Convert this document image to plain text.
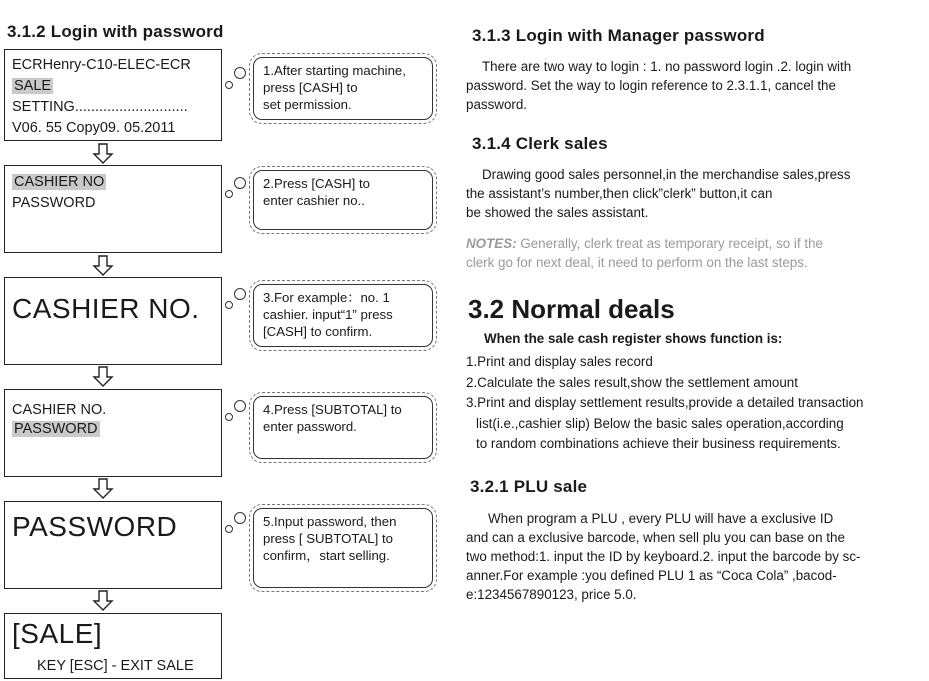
3.1.2 Login with password
ECRHenry-C10-ELEC-ECR
SALE
SETTING............................
V06. 55 Copy09. 05.2011
CASHIER NO
PASSWORD
CASHIER NO.
CASHIER NO.
PASSWORD
PASSWORD
[SALE]
KEY [ESC] - EXIT SALE
1.After starting machine,
press [CASH] to
set permission.
2.Press [CASH] to
enter cashier no..
3.For example：no. 1
cashier. input“1” press
[CASH] to confirm.
4.Press [SUBTOTAL] to
enter password.
5.Input password, then
press [ SUBTOTAL] to
confirm，start selling.
3.1.3 Login with Manager password
There are two way to login : 1. no password login .2. login with
password. Set the way to login reference to 2.3.1.1, cancel the
password.
3.1.4 Clerk sales
Drawing good sales personnel,in the merchandise sales,press
the assistant’s number,then click”clerk” button,it can
be showed the sales assistant.
NOTES: Generally, clerk treat as temporary receipt, so if the
clerk go for next deal, it need to perform on the last steps.
3.2 Normal deals
When the sale cash register shows function is:
1.Print and display sales record
2.Calculate the sales result,show the settlement amount
3.Print and display settlement results,provide a detailed transaction
list(i.e.,cashier slip) Below the basic sales operation,according
to random combinations achieve their business requirements.
3.2.1 PLU sale
When program a PLU , every PLU will have a exclusive ID
and can a exclusive barcode, when sell plu you can base on the
two method:1. input the ID by keyboard.2. input the barcode by sc-
anner.For example :you defined PLU 1 as “Coca Cola” ,bacod-
e:1234567890123, price 5.0.
